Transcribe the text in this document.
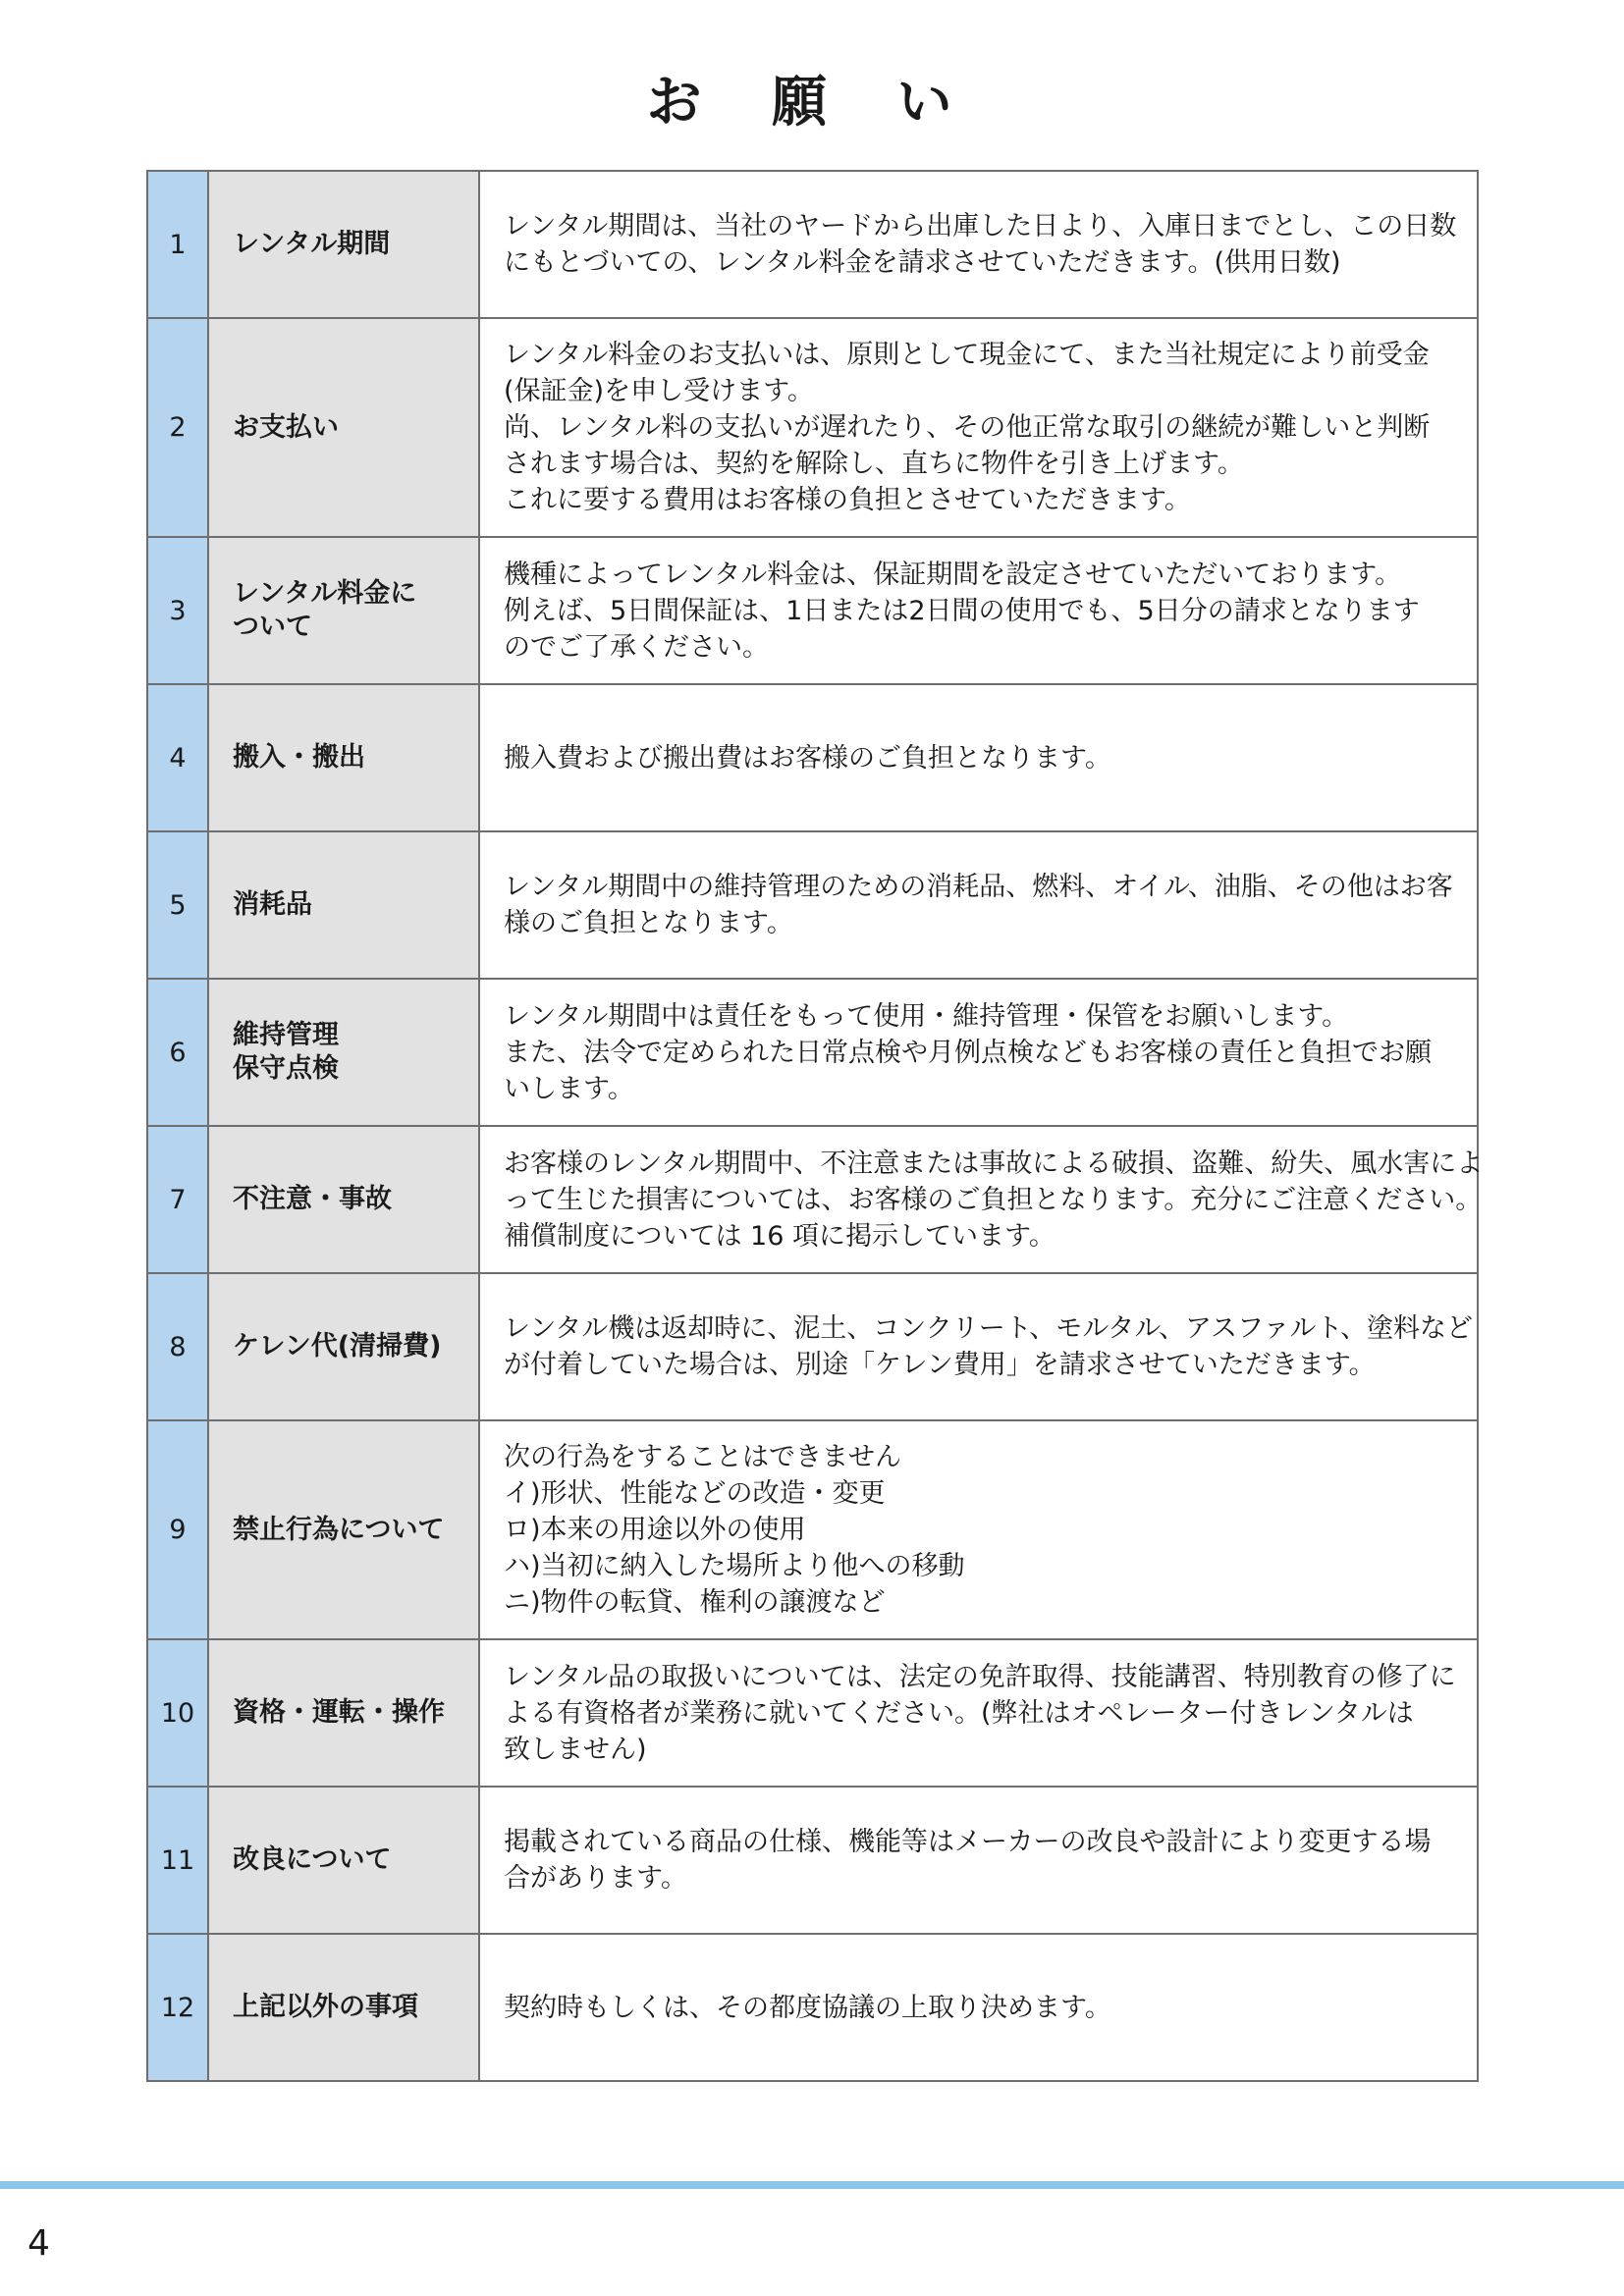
お 願 い
1	レンタル期間	レンタル期間は、当社のヤードから出庫した日より、入庫日までとし、この日数
にもとづいての、レンタル料金を請求させていただきます。(供用日数)

2	お支払い	レンタル料金のお支払いは、原則として現金にて、また当社規定により前受金
(保証金)を申し受けます。
尚、レンタル料の支払いが遅れたり、その他正常な取引の継続が難しいと判断
されます場合は、契約を解除し、直ちに物件を引き上げます。
これに要する費用はお客様の負担とさせていただきます。

3	レンタル料金に
ついて	機種によってレンタル料金は、保証期間を設定させていただいております。
例えば、5日間保証は、1日または2日間の使用でも、5日分の請求となります
のでご了承ください。

4	搬入・搬出	搬入費および搬出費はお客様のご負担となります。

5	消耗品	レンタル期間中の維持管理のための消耗品、燃料、オイル、油脂、その他はお客
様のご負担となります。

6	維持管理
保守点検	レンタル期間中は責任をもって使用・維持管理・保管をお願いします。
また、法令で定められた日常点検や月例点検などもお客様の責任と負担でお願
いします。

7	不注意・事故	お客様のレンタル期間中、不注意または事故による破損、盗難、紛失、風水害によ
って生じた損害については、お客様のご負担となります。充分にご注意ください。
補償制度については 16 項に掲示しています。

8	ケレン代(清掃費)	レンタル機は返却時に、泥土、コンクリート、モルタル、アスファルト、塗料など
が付着していた場合は、別途「ケレン費用」を請求させていただきます。

9	禁止行為について	次の行為をすることはできません
イ)形状、性能などの改造・変更
ロ)本来の用途以外の使用
ハ)当初に納入した場所より他への移動
ニ)物件の転貸、権利の譲渡など

10	資格・運転・操作	レンタル品の取扱いについては、法定の免許取得、技能講習、特別教育の修了に
よる有資格者が業務に就いてください。(弊社はオペレーター付きレンタルは
致しません)

11	改良について	掲載されている商品の仕様、機能等はメーカーの改良や設計により変更する場
合があります。

12	上記以外の事項	契約時もしくは、その都度協議の上取り決めます。
4
